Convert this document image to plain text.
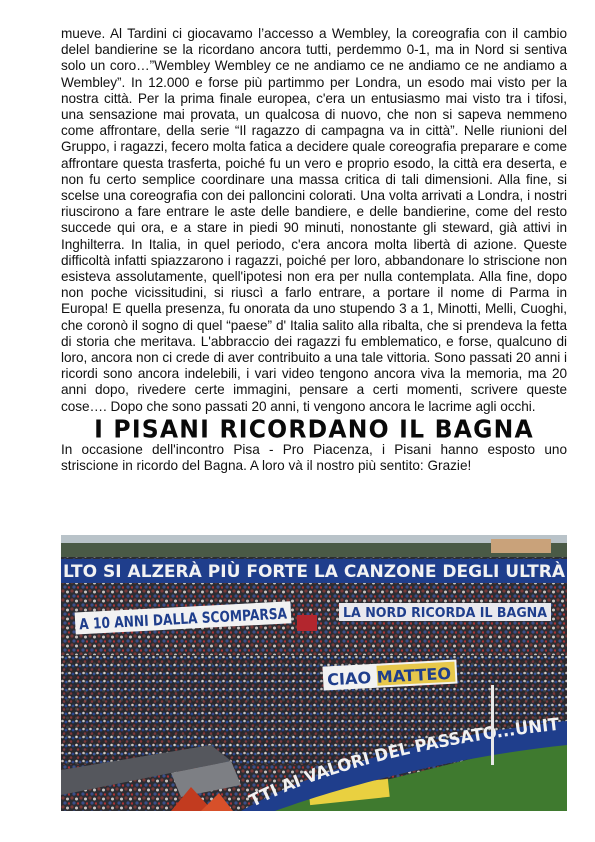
mueve. Al Tardini ci giocavamo l’accesso a Wembley, la coreografia con il cambio delel bandierine se la ricordano ancora tutti, perdemmo 0-1, ma in Nord si sentiva solo un coro…”Wembley Wembley ce ne andiamo ce ne andiamo ce ne andiamo a Wembley”. In 12.000 e forse più partimmo per Londra, un esodo mai visto per la nostra città. Per la prima finale europea, c'era un entusiasmo mai visto tra i tifosi, una sensazione mai provata, un qualcosa di nuovo, che non si sapeva nemmeno come affrontare, della serie “Il ragazzo di campagna va in città”. Nelle riunioni del Gruppo, i ragazzi, fecero molta fatica a decidere quale coreografia preparare e come affrontare questa trasferta, poiché fu un vero e proprio esodo, la città era deserta, e non fu certo semplice coordinare una massa critica di tali dimensioni. Alla fine, si scelse una coreografia con dei palloncini colorati. Una volta arrivati a Londra, i nostri riuscirono a fare entrare le aste delle bandiere, e delle bandierine, come del resto succede qui ora, e a stare in piedi 90 minuti, nonostante gli steward, già attivi in Inghilterra. In Italia, in quel periodo, c'era ancora molta libertà di azione. Queste difficoltà infatti spiazzarono i ragazzi, poiché per loro, abbandonare lo striscione non esisteva assolutamente, quell'ipotesi non era per nulla contemplata. Alla fine, dopo non poche vicissitudini, si riuscì a farlo entrare, a portare il nome di Parma in Europa! E quella presenza, fu onorata da uno stupendo 3 a 1, Minotti, Melli, Cuoghi, che coronò il sogno di quel “paese” d' Italia salito alla ribalta, che si prendeva la fetta di storia che meritava. L'abbraccio dei ragazzi fu emblematico, e forse, qualcuno di loro, ancora non ci crede di aver contribuito a una tale vittoria. Sono passati 20 anni i ricordi sono ancora indelebili, i vari video tengono ancora viva la memoria, ma 20 anni dopo, rivedere certe immagini, pensare a certi momenti, scrivere queste cose…. Dopo che sono passati 20 anni, ti vengono ancora le lacrime agli occhi.

I PISANI RICORDANO IL BAGNA

In occasione dell'incontro Pisa - Pro Piacenza, i Pisani hanno esposto uno striscione in ricordo del Bagna. A loro và il nostro più sentito: Grazie!

LTO SI ALZERÀ PIÙ FORTE LA CANZONE DEGLI ULTRÀ
A 10 ANNI DALLA SCOMPARSA LA NORD RICORDA IL BAGNA
CIAO MATTEO
TTI AI VALORI DEL PASSATO...UNIT
